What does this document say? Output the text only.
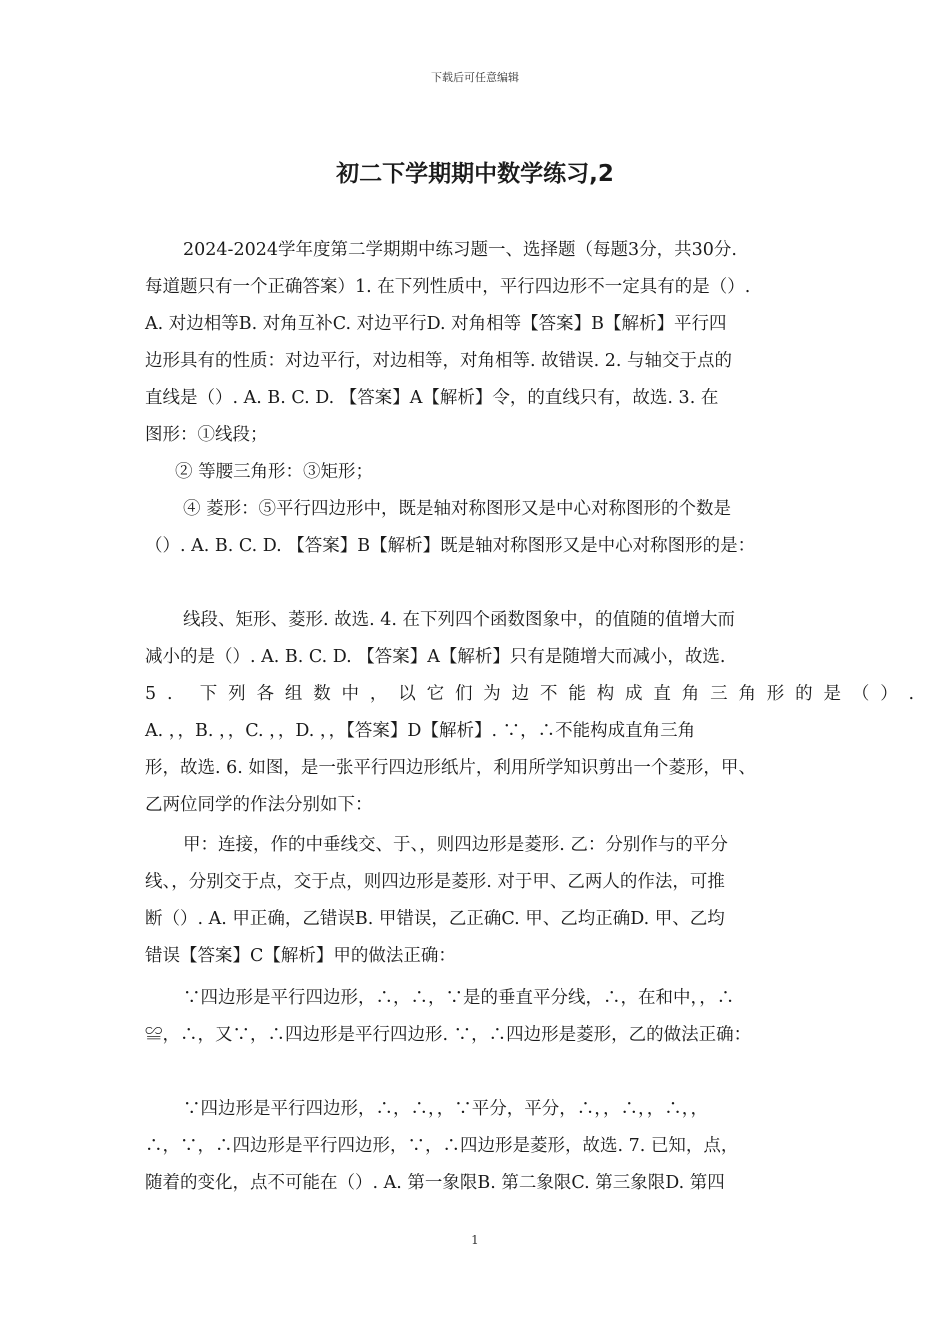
下载后可任意编辑
初二下学期期中数学练习,2
2024-2024学年度第二学期期中练习题一、选择题（每题3分，共30分.
每道题只有一个正确答案）1. 在下列性质中，平行四边形不一定具有的是（）.
A. 对边相等B. 对角互补C. 对边平行D. 对角相等【答案】B【解析】平行四
边形具有的性质：对边平行，对边相等，对角相等. 故错误. 2. 与轴交于点的
直线是（）. A. B. C. D. 【答案】A【解析】令，的直线只有，故选. 3. 在
图形：①线段；
② 等腰三角形：③矩形；
④ 菱形：⑤平行四边形中，既是轴对称图形又是中心对称图形的个数是
（）. A. B. C. D. 【答案】B【解析】既是轴对称图形又是中心对称图形的是：
线段、矩形、菱形. 故选. 4. 在下列四个函数图象中，的值随的值增大而
减小的是（）. A. B. C. D. 【答案】A【解析】只有是随增大而减小，故选.
5. 下列各组数中，以它们为边不能构成直角三角形的是（）.
A. ，，B. ，，C. ，，D. ，，【答案】D【解析】. ∵，∴不能构成直角三角
形，故选. 6. 如图，是一张平行四边形纸片，利用所学知识剪出一个菱形，甲、
乙两位同学的作法分别如下：
甲：连接，作的中垂线交、于、，则四边形是菱形. 乙：分别作与的平分
线、，分别交于点，交于点，则四边形是菱形. 对于甲、乙两人的作法，可推
断（）. A. 甲正确，乙错误B. 甲错误，乙正确C. 甲、乙均正确D. 甲、乙均
错误【答案】C【解析】甲的做法正确：
∵四边形是平行四边形，∴，∴，∵是的垂直平分线，∴，在和中，，∴
≌，∴，又∵，∴四边形是平行四边形. ∵，∴四边形是菱形，乙的做法正确：
∵四边形是平行四边形，∴，∴，，∵平分，平分，∴，，∴，，∴，，
∴，∵，∴四边形是平行四边形，∵，∴四边形是菱形，故选. 7. 已知，点，
随着的变化，点不可能在（）. A. 第一象限B. 第二象限C. 第三象限D. 第四
1
